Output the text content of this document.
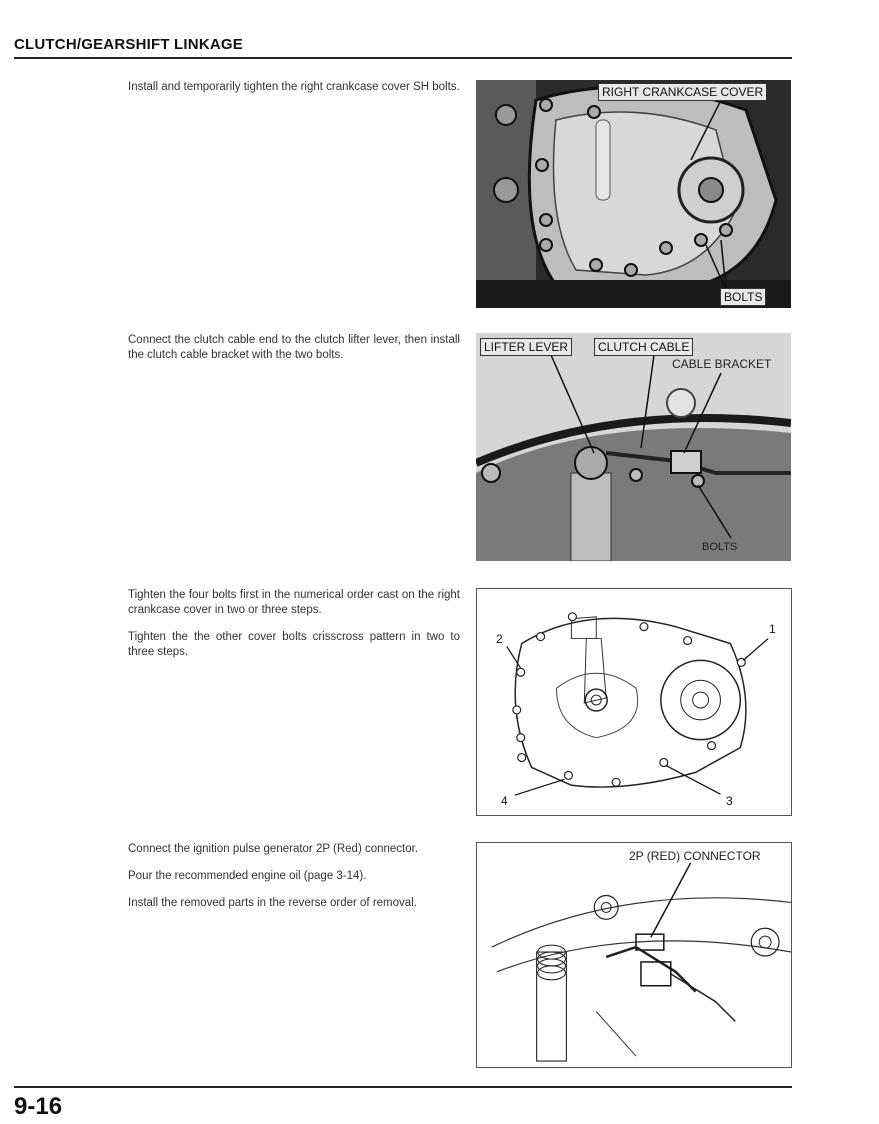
CLUTCH/GEARSHIFT LINKAGE

Install and temporarily tighten the right crankcase cover SH bolts.	RIGHT CRANKCASE COVER
BOLTS

Connect the clutch cable end to the clutch lifter lever, then install the clutch cable bracket with the two bolts.

LIFTER LEVER	CLUTCH CABLE
CABLE BRACKET
BOLTS

Tighten the four bolts first in the numerical order cast on the right crankcase cover in two or three steps.

Tighten the the other cover bolts crisscross pattern in two to three steps.

1
2
3
4

Connect the ignition pulse generator 2P (Red) connector.

Pour the recommended engine oil (page 3-14).

Install the removed parts in the reverse order of removal.

2P (RED) CONNECTOR
9-16
